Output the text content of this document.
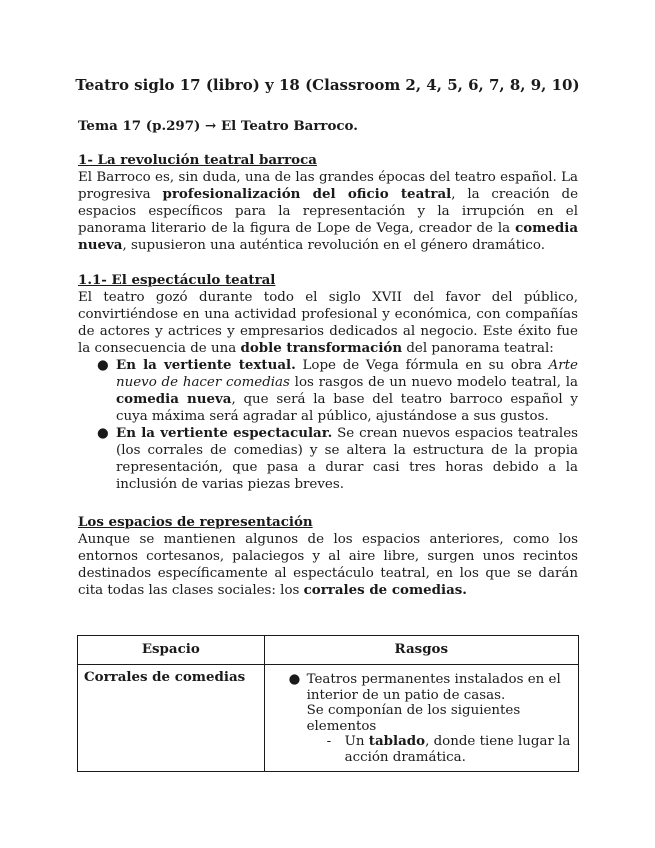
Teatro siglo 17 (libro) y 18 (Classroom 2, 4, 5, 6, 7, 8, 9, 10)
Tema 17 (p.297) → El Teatro Barroco.
1- La revolución teatral barroca
El Barroco es, sin duda, una de las grandes épocas del teatro español. La progresiva profesionalización del oficio teatral, la creación de espacios específicos para la representación y la irrupción en el panorama literario de la figura de Lope de Vega, creador de la comedia nueva, supusieron una auténtica revolución en el género dramático.
1.1- El espectáculo teatral
El teatro gozó durante todo el siglo XVII del favor del público, convirtiéndose en una actividad profesional y económica, con compañías de actores y actrices y empresarios dedicados al negocio. Este éxito fue la consecuencia de una doble transformación del panorama teatral:
● En la vertiente textual. Lope de Vega fórmula en su obra Arte nuevo de hacer comedias los rasgos de un nuevo modelo teatral, la comedia nueva, que será la base del teatro barroco español y cuya máxima será agradar al público, ajustándose a sus gustos.
● En la vertiente espectacular. Se crean nuevos espacios teatrales (los corrales de comedias) y se altera la estructura de la propia representación, que pasa a durar casi tres horas debido a la inclusión de varias piezas breves.
Los espacios de representación
Aunque se mantienen algunos de los espacios anteriores, como los entornos cortesanos, palaciegos y al aire libre, surgen unos recintos destinados específicamente al espectáculo teatral, en los que se darán cita todas las clases sociales: los corrales de comedias.
Espacio	Rasgos
Corrales de comedias	● Teatros permanentes instalados en el interior de un patio de casas.
Se componían de los siguientes elementos
- Un tablado, donde tiene lugar la acción dramática.
